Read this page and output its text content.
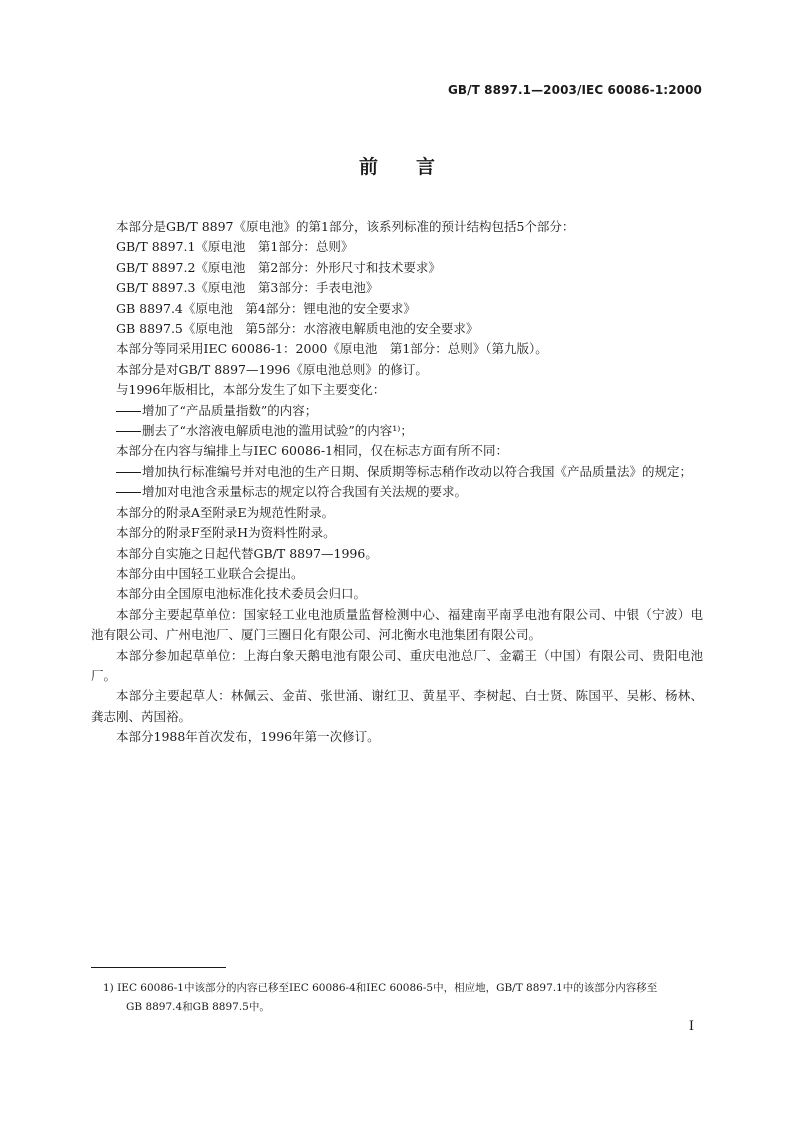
GB/T 8897.1—2003/IEC 60086-1:2000
前言

本部分是GB/T 8897《原电池》的第1部分，该系列标准的预计结构包括5个部分：

GB/T 8897.1《原电池　第1部分：总则》

GB/T 8897.2《原电池　第2部分：外形尺寸和技术要求》

GB/T 8897.3《原电池　第3部分：手表电池》

GB 8897.4《原电池　第4部分：锂电池的安全要求》

GB 8897.5《原电池　第5部分：水溶液电解质电池的安全要求》

本部分等同采用IEC 60086-1：2000《原电池　第1部分：总则》（第九版）。

本部分是对GB/T 8897—1996《原电池总则》的修订。

与1996年版相比，本部分发生了如下主要变化：

增加了“产品质量指数”的内容；

删去了“水溶液电解质电池的滥用试验”的内容¹⁾；

本部分在内容与编排上与IEC 60086-1相同，仅在标志方面有所不同：

增加执行标准编号并对电池的生产日期、保质期等标志稍作改动以符合我国《产品质量法》的规定；

增加对电池含汞量标志的规定以符合我国有关法规的要求。

本部分的附录A至附录E为规范性附录。

本部分的附录F至附录H为资料性附录。

本部分自实施之日起代替GB/T 8897—1996。

本部分由中国轻工业联合会提出。

本部分由全国原电池标准化技术委员会归口。

本部分主要起草单位：国家轻工业电池质量监督检测中心、福建南平南孚电池有限公司、中银（宁波）电池有限公司、广州电池厂、厦门三圈日化有限公司、河北衡水电池集团有限公司。

本部分参加起草单位：上海白象天鹅电池有限公司、重庆电池总厂、金霸王（中国）有限公司、贵阳电池厂。

本部分主要起草人：林佩云、金苗、张世涌、谢红卫、黄星平、李树起、白士贤、陈国平、吴彬、杨林、龚志刚、芮国裕。

本部分1988年首次发布，1996年第一次修订。

1) IEC 60086-1中该部分的内容已移至IEC 60086-4和IEC 60086-5中，相应地，GB/T 8897.1中的该部分内容移至
GB 8897.4和GB 8897.5中。
I
